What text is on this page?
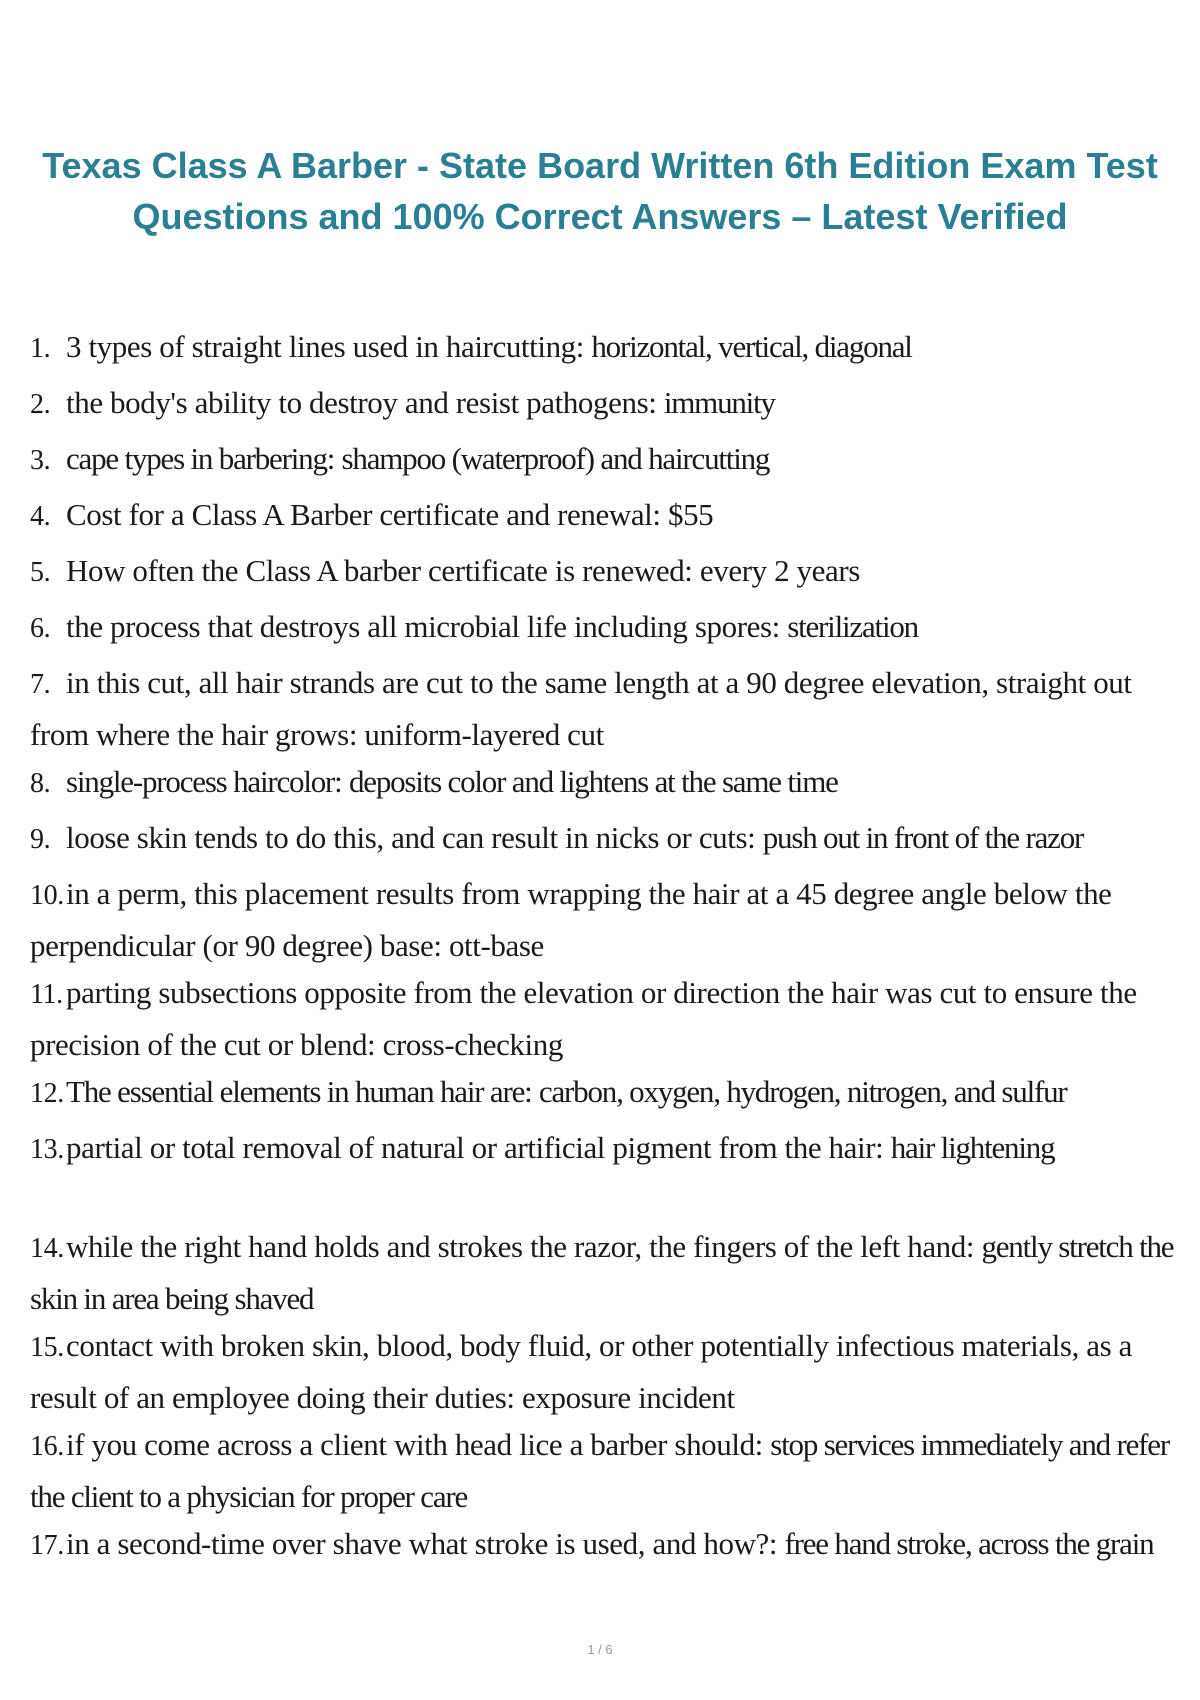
Texas Class A Barber - State Board Written 6th Edition Exam Test
Questions and 100% Correct Answers – Latest Verified
1. 3 types of straight lines used in haircutting: horizontal, vertical, diagonal
2. the body's ability to destroy and resist pathogens: immunity
3. cape types in barbering: shampoo (waterproof) and haircutting
4. Cost for a Class A Barber certificate and renewal: $55
5. How often the Class A barber certificate is renewed: every 2 years
6. the process that destroys all microbial life including spores: sterilization
7. in this cut, all hair strands are cut to the same length at a 90 degree elevation, straight out from where the hair grows: uniform-layered cut
8. single-process haircolor: deposits color and lightens at the same time
9. loose skin tends to do this, and can result in nicks or cuts: push out in front of the razor
10.in a perm, this placement results from wrapping the hair at a 45 degree angle below the perpendicular (or 90 degree) base: ott-base
11. parting subsections opposite from the elevation or direction the hair was cut to ensure the precision of the cut or blend: cross-checking
12.The essential elements in human hair are: carbon, oxygen, hydrogen, nitrogen, and sulfur
13.partial or total removal of natural or artificial pigment from the hair: hair lightening
14.while the right hand holds and strokes the razor, the fingers of the left hand: gently stretch the skin in area being shaved
15.contact with broken skin, blood, body fluid, or other potentially infectious materials, as a result of an employee doing their duties: exposure incident
16.if you come across a client with head lice a barber should: stop services immediately and refer the client to a physician for proper care
17.in a second-time over shave what stroke is used, and how?: free hand stroke, across the grain
1 / 6
